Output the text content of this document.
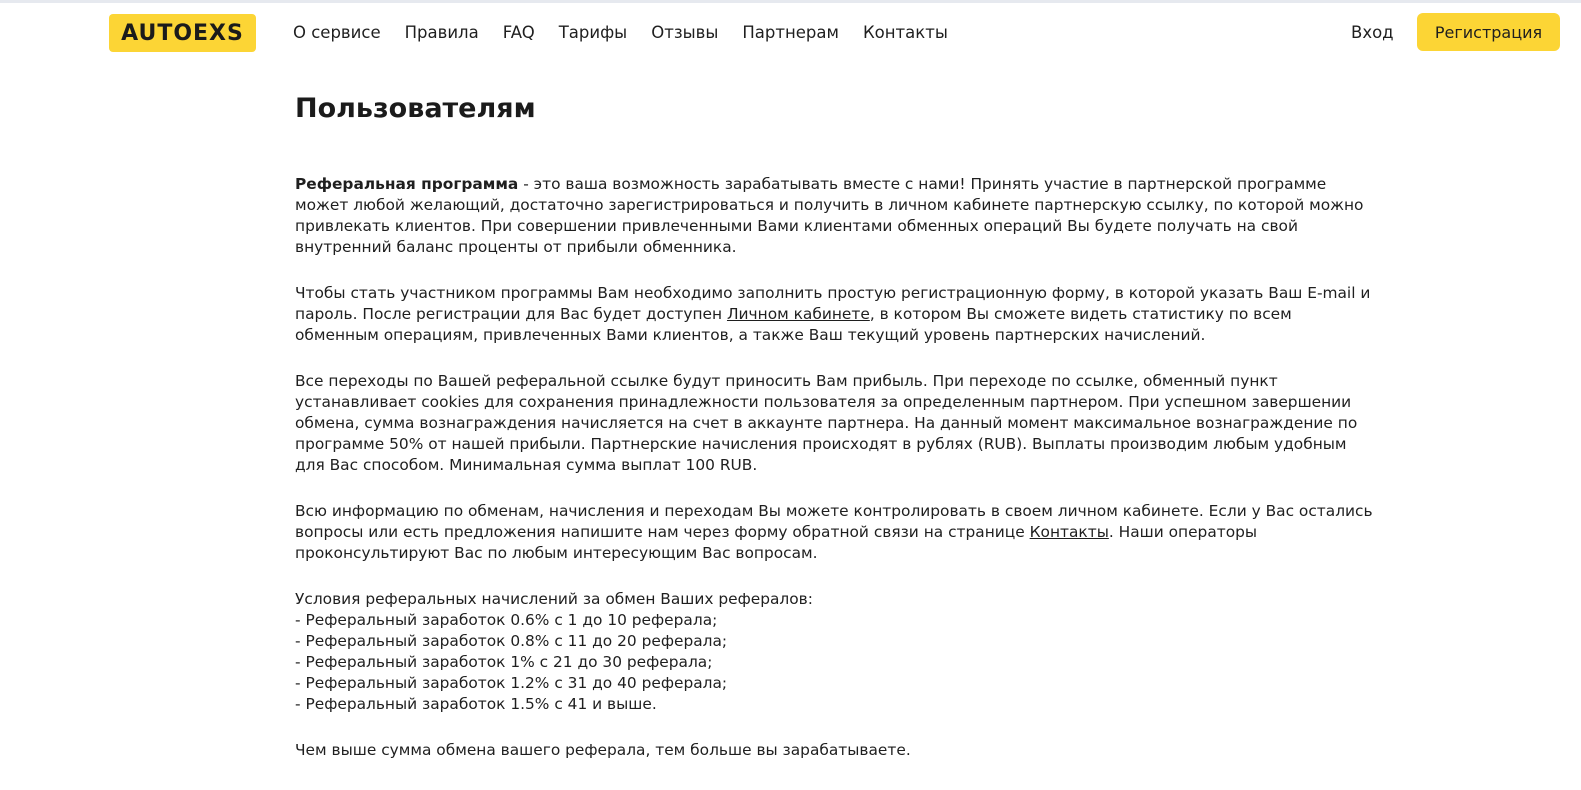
AUTOEXS	О сервисе Правила FAQ Тарифы Отзывы Партнерам Контакты	Вход	Регистрация
Пользователям

Реферальная программа - это ваша возможность зарабатывать вместе с нами! Принять участие в партнерской программе может любой желающий, достаточно зарегистрироваться и получить в личном кабинете партнерскую ссылку, по которой можно привлекать клиентов. При совершении привлеченными Вами клиентами обменных операций Вы будете получать на свой внутренний баланс проценты от прибыли обменника.

Чтобы стать участником программы Вам необходимо заполнить простую регистрационную форму, в которой указать Ваш E-mail и пароль. После регистрации для Вас будет доступен Личном кабинете, в котором Вы сможете видеть статистику по всем обменным операциям, привлеченных Вами клиентов, а также Ваш текущий уровень партнерских начислений.

Все переходы по Вашей реферальной ссылке будут приносить Вам прибыль. При переходе по ссылке, обменный пункт устанавливает cookies для сохранения принадлежности пользователя за определенным партнером. При успешном завершении обмена, сумма вознаграждения начисляется на счет в аккаунте партнера. На данный момент максимальное вознаграждение по программе 50% от нашей прибыли. Партнерские начисления происходят в рублях (RUB). Выплаты производим любым удобным для Вас способом. Минимальная сумма выплат 100 RUB.

Всю информацию по обменам, начисления и переходам Вы можете контролировать в своем личном кабинете. Если у Вас остались вопросы или есть предложения напишите нам через форму обратной связи на странице Контакты. Наши операторы проконсультируют Вас по любым интересующим Вас вопросам.

Условия реферальных начислений за обмен Ваших рефералов:
- Реферальный заработок 0.6% с 1 до 10 реферала;
- Реферальный заработок 0.8% с 11 до 20 реферала;
- Реферальный заработок 1% с 21 до 30 реферала;
- Реферальный заработок 1.2% с 31 до 40 реферала;
- Реферальный заработок 1.5% с 41 и выше.

Чем выше сумма обмена вашего реферала, тем больше вы зарабатываете.
